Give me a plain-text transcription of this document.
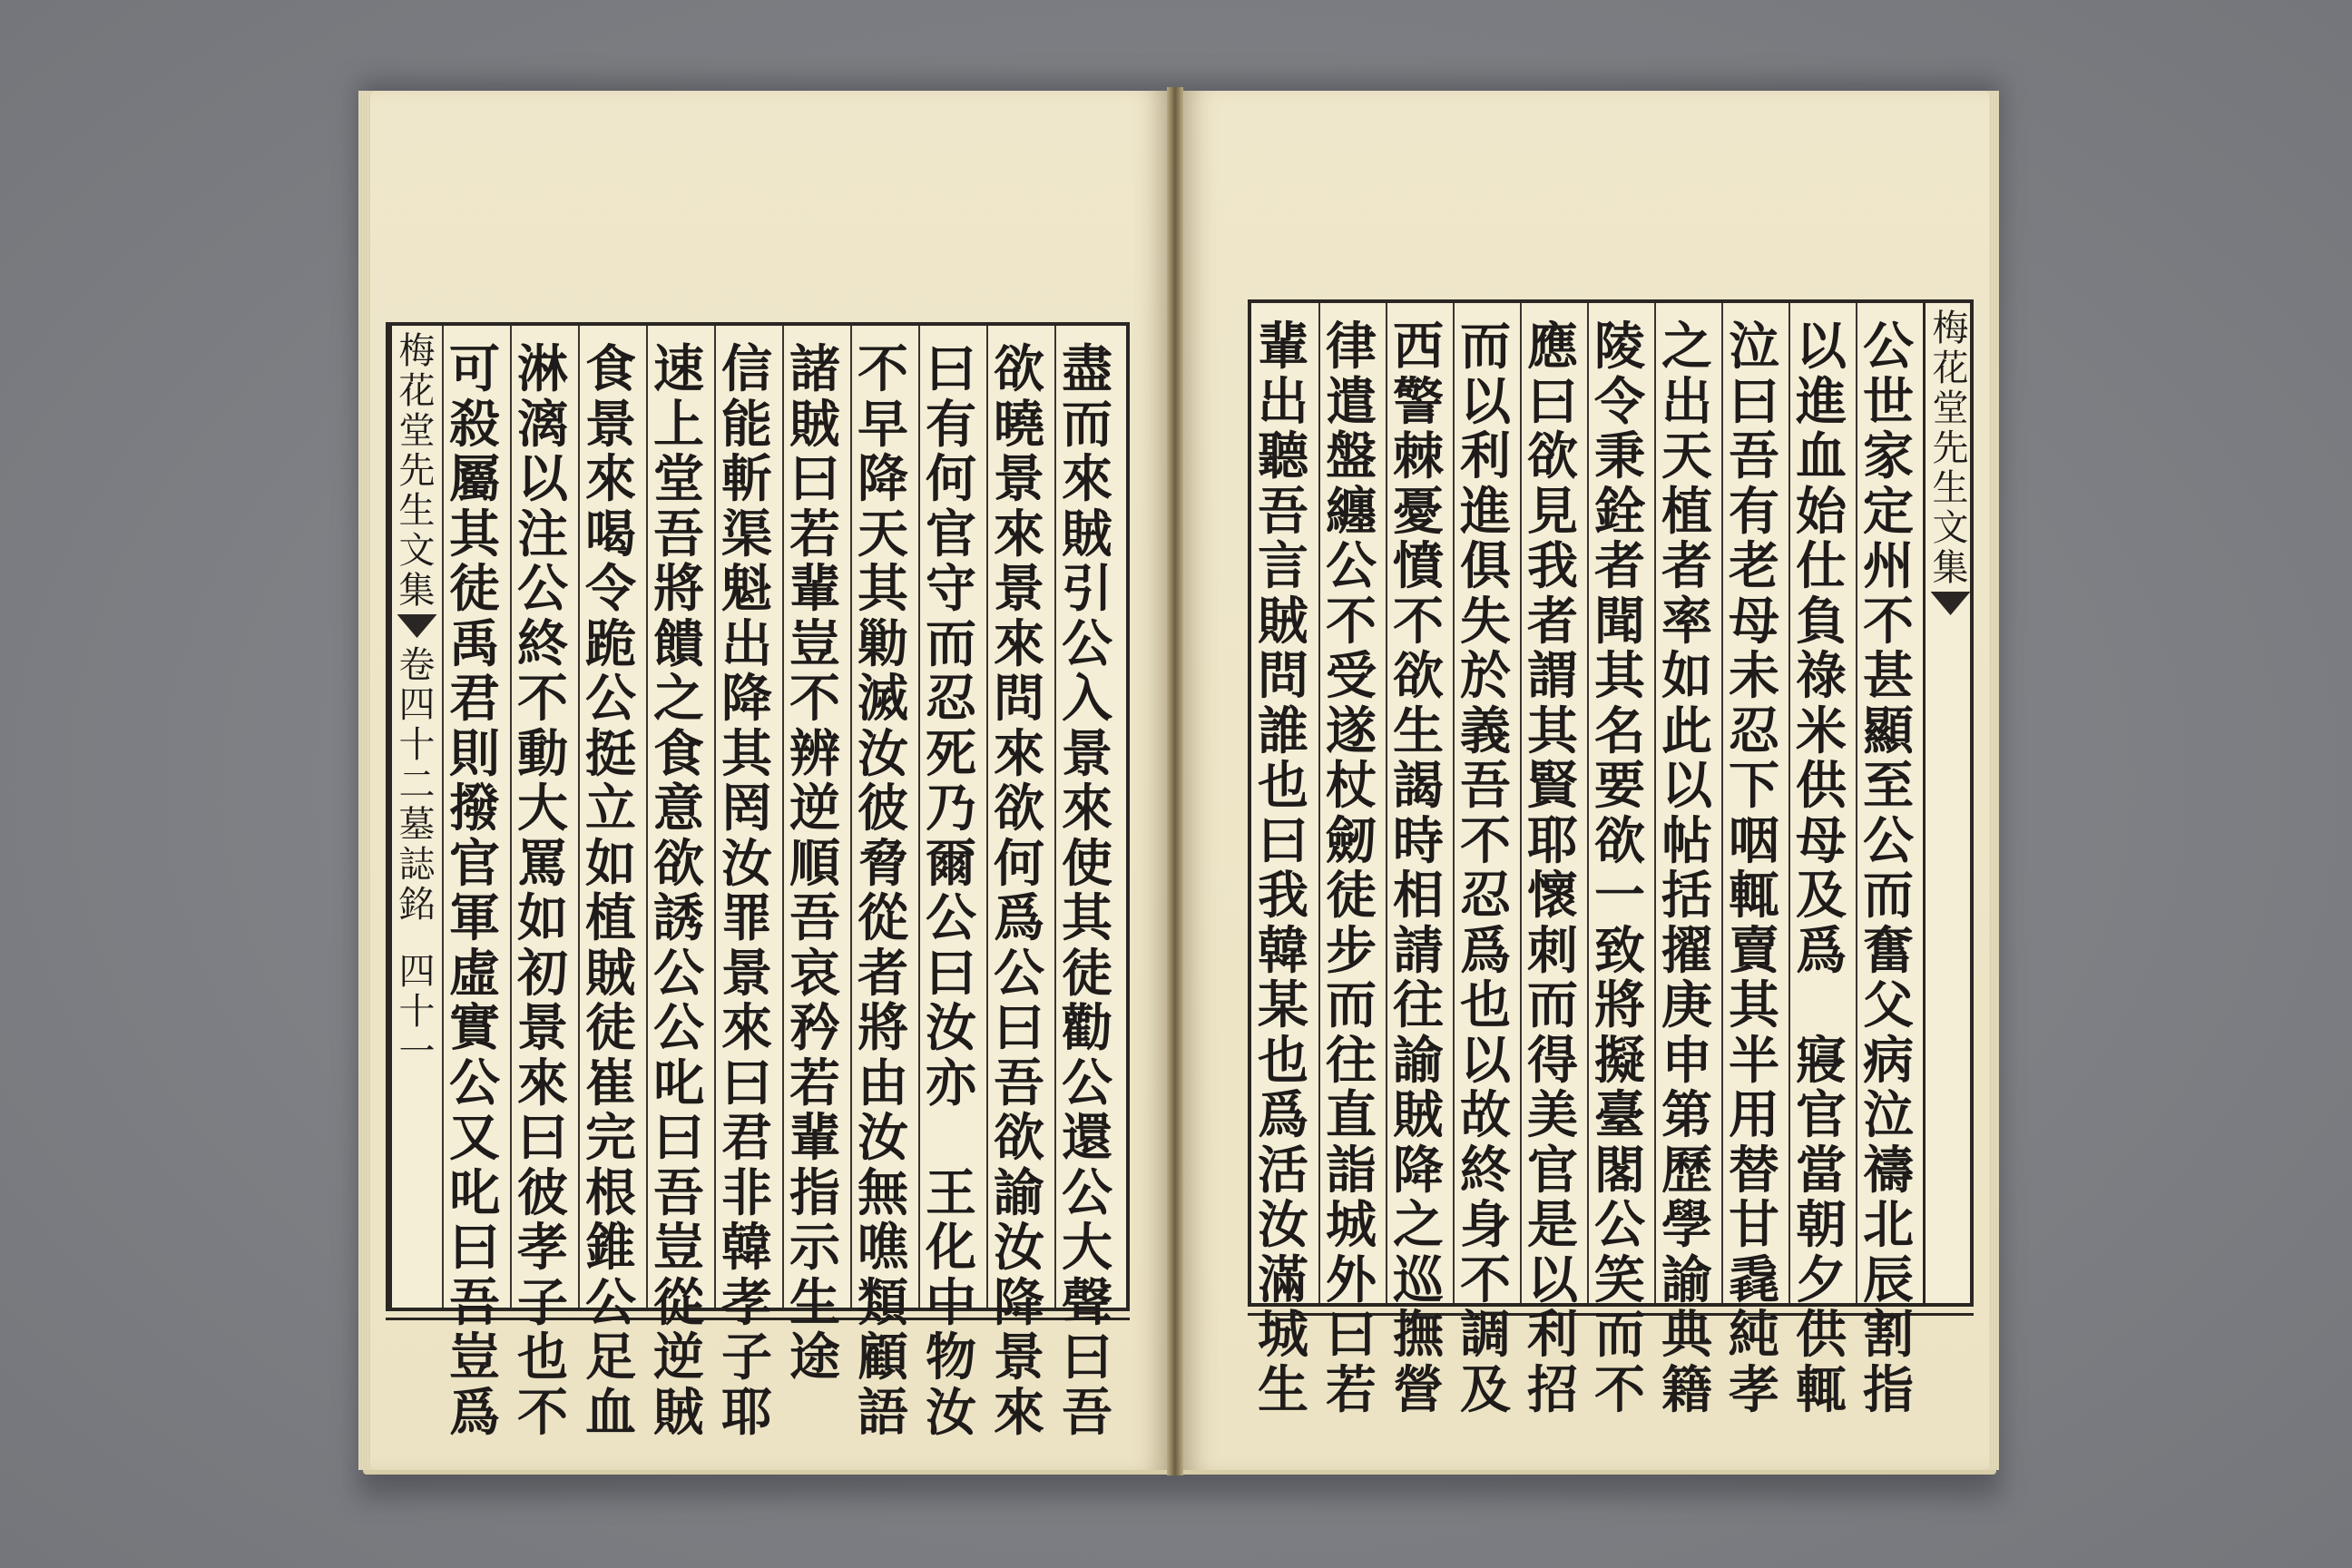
梅
花
堂
先
生
文
集
卷
四
十
二
墓
誌
銘
四
十
一
盡
而
來
賊
引
公
入
景
來
使
其
徒
勸
公
還
公
大
聲
曰
吾
欲
曉
景
來
景
來
問
來
欲
何
爲
公
曰
吾
欲
諭
汝
降
景
來
曰
有
何
官
守
而
忍
死
乃
爾
公
曰
汝
亦

王
化
中
物
汝
不
早
降
天
其
勦
滅
汝
彼
脅
從
者
將
由
汝
無
噍
類
顧
語
諸
賊
曰
若
輩
豈
不
辨
逆
順
吾
哀
矜
若
輩
指
示
生
途
信
能
斬
渠
魁
出
降
其
罔
汝
罪
景
來
曰
君
非
韓
孝
子
耶
速
上
堂
吾
將
饋
之
食
意
欲
誘
公
公
叱
曰
吾
豈
從
逆
賊
食
景
來
喝
令
跪
公
挺
立
如
植
賊
徒
崔
完
根
錐
公
足
血
淋
漓
以
注
公
終
不
動
大
罵
如
初
景
來
曰
彼
孝
子
也
不
可
殺
屬
其
徒
禹
君
則
撥
官
軍
虛
實
公
又
叱
曰
吾
豈
爲
公
世
家
定
州
不
甚
顯
至
公
而
奮
父
病
泣
禱
北
辰
割
指
以
進
血
始
仕
負
祿
米
供
母
及
爲

寢
官
當
朝
夕
供
輒
泣
曰
吾
有
老
母
未
忍
下
咽
輒
賣
其
半
用
替
甘
毳
純
孝
之
出
天
植
者
率
如
此
以
帖
括
擢
庚
申
第
歷
學
諭
典
籍
陵
令
秉
銓
者
聞
其
名
要
欲
一
致
將
擬
臺
閣
公
笑
而
不
應
曰
欲
見
我
者
謂
其
賢
耶
懷
刺
而
得
美
官
是
以
利
招
而
以
利
進
俱
失
於
義
吾
不
忍
爲
也
以
故
終
身
不
調
及
西
警
棘
憂
憤
不
欲
生
謁
時
相
請
往
諭
賊
降
之
巡
撫
營
律
遣
盤
纏
公
不
受
遂
杖
劒
徒
步
而
往
直
詣
城
外
曰
若
輩
出
聽
吾
言
賊
問
誰
也
曰
我
韓
某
也
爲
活
汝
滿
城
生
梅
花
堂
先
生
文
集
